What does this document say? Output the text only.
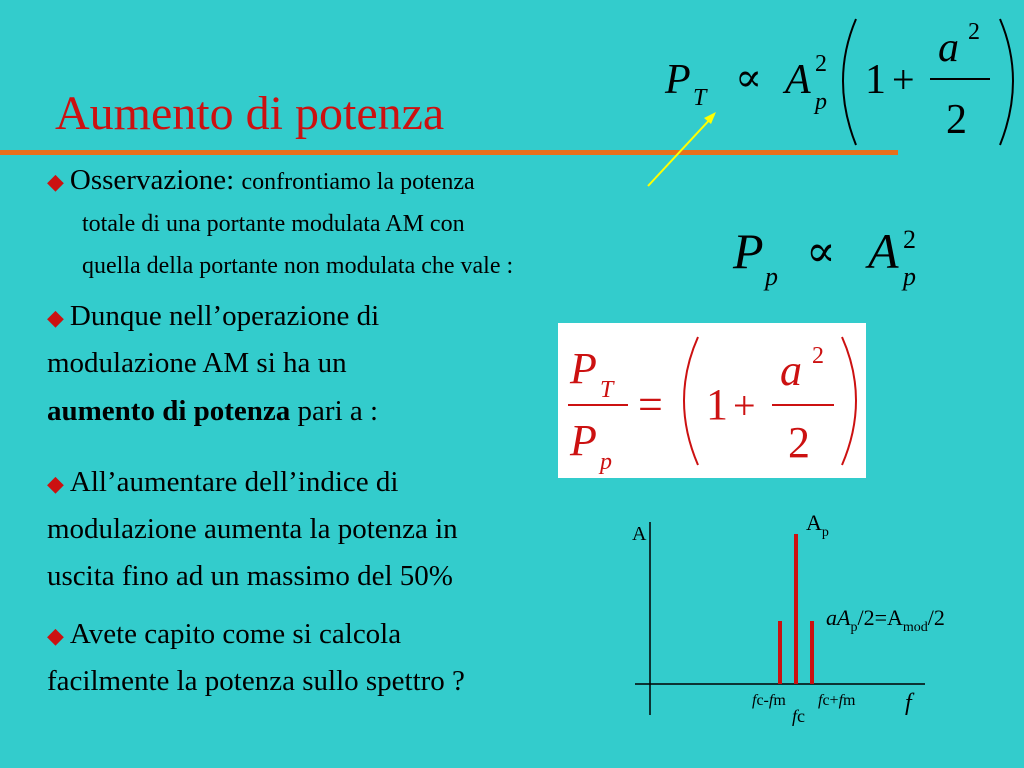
Aumento di potenza
P T ∝ A 2
p 1 +
a 2
2
◆ Osservazione: confrontiamo la potenza
totale di una portante modulata AM con
quella della portante non modulata che vale :	P p
∝ A 2
p
◆ Dunque nell’operazione di
modulazione AM si ha un
aumento di potenza pari a :
P T
P p
= 1 +
a 2
2
◆ All’aumentare dell’indice di
modulazione aumenta la potenza in
uscita fino ad un massimo del 50%
◆ Avete capito come si calcola
facilmente la potenza sullo spettro ?
A
f
$A_p$
$aA_p/2=A_{mod}/2$
fc-fm
fc
fc+fm
